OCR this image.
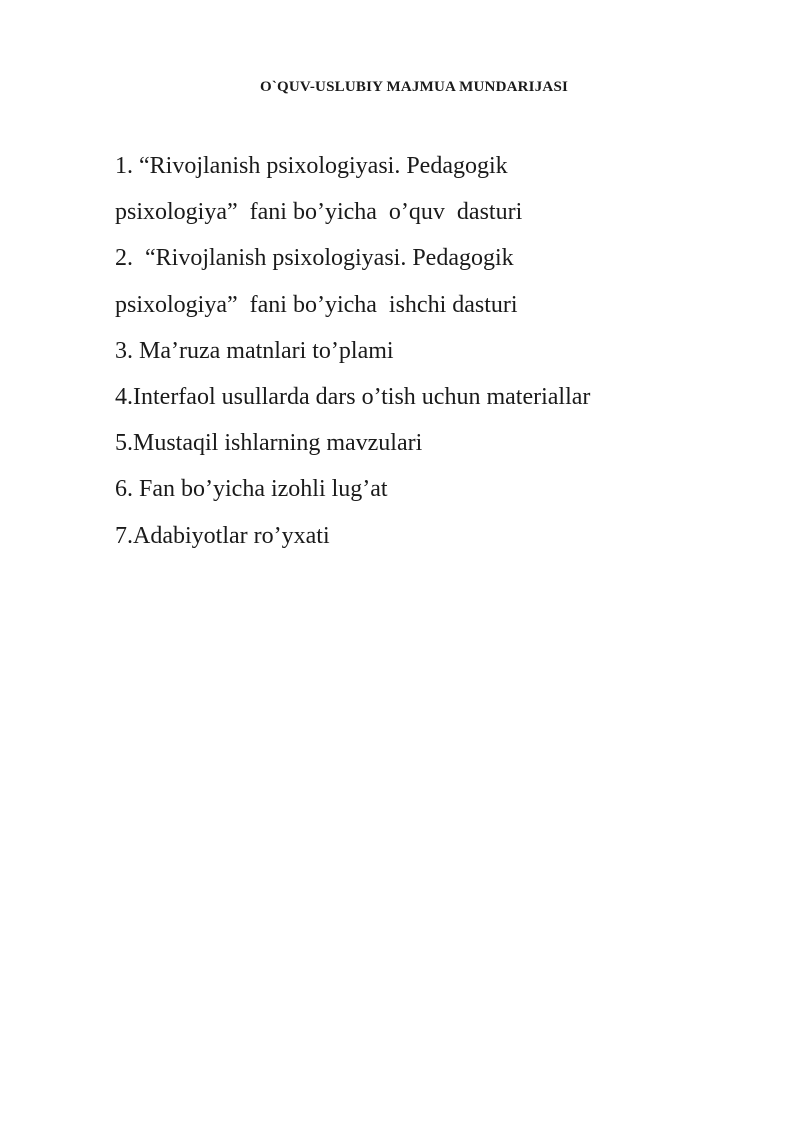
O`QUV-USLUBIY MAJMUA MUNDARIJASI
1. “Rivojlanish psixologiyasi. Pedagogik
psixologiya”  fani bo’yicha  o’quv  dasturi
2.  “Rivojlanish psixologiyasi. Pedagogik
psixologiya”  fani bo’yicha  ishchi dasturi
3. Ma’ruza matnlari to’plami
4.Interfaol usullarda dars o’tish uchun materiallar
5.Mustaqil ishlarning mavzulari
6. Fan bo’yicha izohli lug’at
7.Adabiyotlar ro’yxati
